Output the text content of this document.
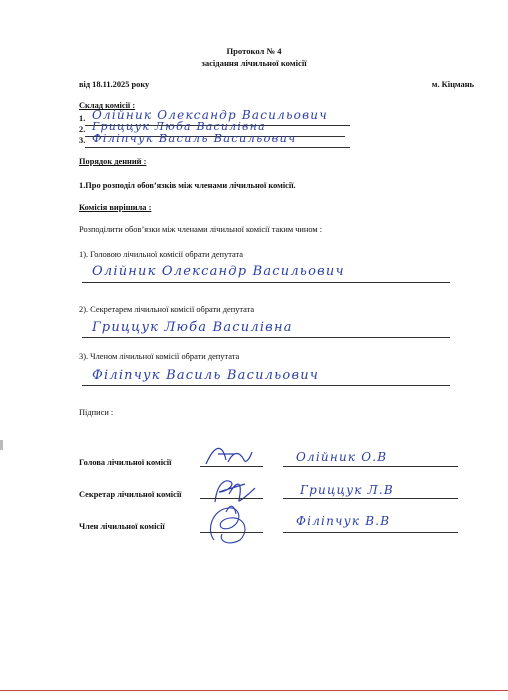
Протокол № 4
засідання лічильної комісії
від 18.11.2025 року	м. Кіцмань
Склад комісії :
1. Олійник Олександр Васильович
2. Гриццук Люба Василівна
3. Філіпчук Василь Васильович
Порядок денний :
1.Про розподіл обов’язків між членами лічильної комісії.
Комісія вирішила :
Розподілити обов’язки між членами лічильної комісії таким чином :
1). Головою лічильної комісії обрати депутата
Олійник Олександр Васильович
2). Секретарем лічильної комісії обрати депутата
Гриццук Люба Василівна
3). Членом лічильної комісії обрати депутата
Філіпчук Василь Васильович
Підписи :
Голова лічильної комісії	Олійник О.В
Секретар лічильної комісії	Гриццук Л.В
Член лічильної комісії	Філіпчук В.В
